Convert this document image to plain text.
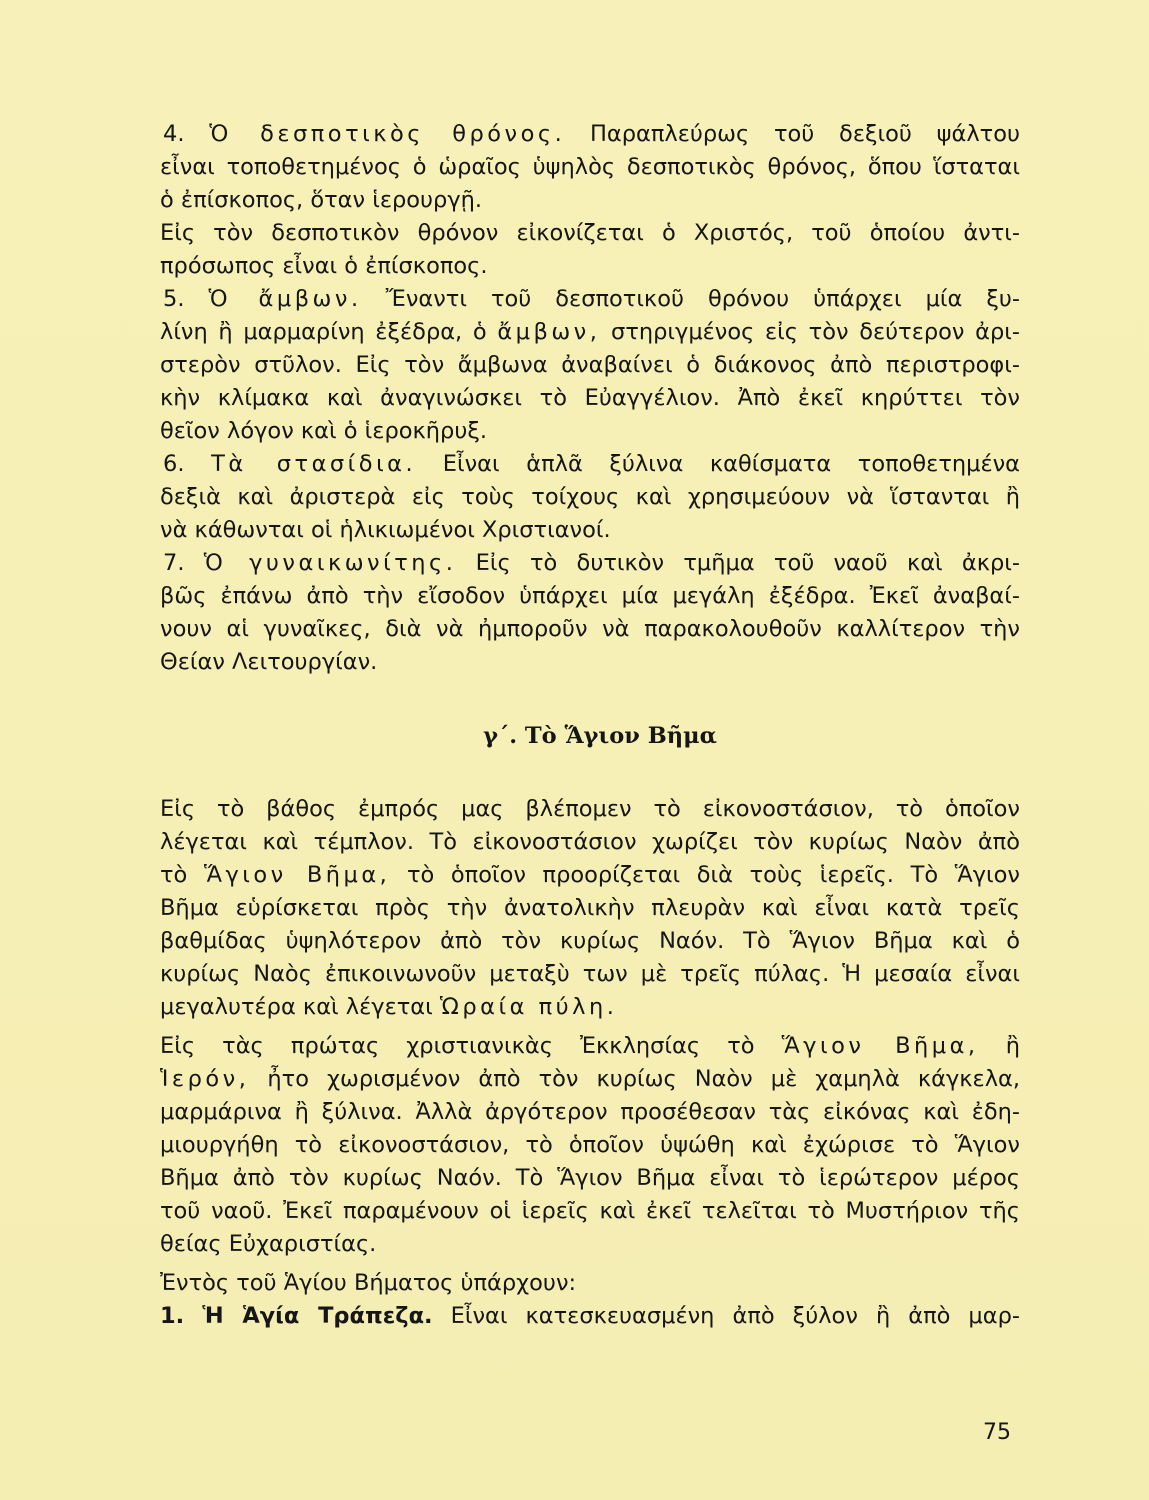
4. Ὁ δεσποτικὸς θρόνος. Παραπλεύρως τοῦ δεξιοῦ ψάλτου
εἶναι τοποθετημένος ὁ ὡραῖος ὑψηλὸς δεσποτικὸς θρόνος, ὅπου ἵσταται
ὁ ἐπίσκοπος, ὅταν ἱερουργῇ.
Εἰς τὸν δεσποτικὸν θρόνον εἰκονίζεται ὁ Χριστός, τοῦ ὁποίου ἀντι-
πρόσωπος εἶναι ὁ ἐπίσκοπος.
5. Ὁ ἄμβων. Ἔναντι τοῦ δεσποτικοῦ θρόνου ὑπάρχει μία ξυ-
λίνη ἢ μαρμαρίνη ἐξέδρα, ὁ ἄμβων, στηριγμένος εἰς τὸν δεύτερον ἀρι-
στερὸν στῦλον. Εἰς τὸν ἄμβωνα ἀναβαίνει ὁ διάκονος ἀπὸ περιστροφι-
κὴν κλίμακα καὶ ἀναγινώσκει τὸ Εὐαγγέλιον. Ἀπὸ ἐκεῖ κηρύττει τὸν
θεῖον λόγον καὶ ὁ ἱεροκῆρυξ.
6. Τὰ στασίδια. Εἶναι ἁπλᾶ ξύλινα καθίσματα τοποθετημένα
δεξιὰ καὶ ἀριστερὰ εἰς τοὺς τοίχους καὶ χρησιμεύουν νὰ ἵστανται ἢ
νὰ κάθωνται οἱ ἡλικιωμένοι Χριστιανοί.
7. Ὁ γυναικωνίτης. Εἰς τὸ δυτικὸν τμῆμα τοῦ ναοῦ καὶ ἀκρι-
βῶς ἐπάνω ἀπὸ τὴν εἴσοδον ὑπάρχει μία μεγάλη ἐξέδρα. Ἐκεῖ ἀναβαί-
νουν αἱ γυναῖκες, διὰ νὰ ἠμποροῦν νὰ παρακολουθοῦν καλλίτερον τὴν
Θείαν Λειτουργίαν.
γ΄. Τὸ Ἅγιον Βῆμα
Εἰς τὸ βάθος ἐμπρός μας βλέπομεν τὸ εἰκονοστάσιον, τὸ ὁποῖον
λέγεται καὶ τέμπλον. Τὸ εἰκονοστάσιον χωρίζει τὸν κυρίως Ναὸν ἀπὸ
τὸ Ἅγιον Βῆμα, τὸ ὁποῖον προορίζεται διὰ τοὺς ἱερεῖς. Τὸ Ἅγιον
Βῆμα εὑρίσκεται πρὸς τὴν ἀνατολικὴν πλευρὰν καὶ εἶναι κατὰ τρεῖς
βαθμίδας ὑψηλότερον ἀπὸ τὸν κυρίως Ναόν. Τὸ Ἅγιον Βῆμα καὶ ὁ
κυρίως Ναὸς ἐπικοινωνοῦν μεταξὺ των μὲ τρεῖς πύλας. Ἡ μεσαία εἶναι
μεγαλυτέρα καὶ λέγεται Ὡραία πύλη.
Εἰς τὰς πρώτας χριστιανικὰς Ἐκκλησίας τὸ Ἅγιον Βῆμα, ἢ
Ἱερόν, ἦτο χωρισμένον ἀπὸ τὸν κυρίως Ναὸν μὲ χαμηλὰ κάγκελα,
μαρμάρινα ἢ ξύλινα. Ἀλλὰ ἀργότερον προσέθεσαν τὰς εἰκόνας καὶ ἐδη-
μιουργήθη τὸ εἰκονοστάσιον, τὸ ὁποῖον ὑψώθη καὶ ἐχώρισε τὸ Ἅγιον
Βῆμα ἀπὸ τὸν κυρίως Ναόν. Τὸ Ἅγιον Βῆμα εἶναι τὸ ἱερώτερον μέρος
τοῦ ναοῦ. Ἐκεῖ παραμένουν οἱ ἱερεῖς καὶ ἐκεῖ τελεῖται τὸ Μυστήριον τῆς
θείας Εὐχαριστίας.
Ἐντὸς τοῦ Ἁγίου Βήματος ὑπάρχουν:
1. Ἡ Ἁγία Τράπεζα. Εἶναι κατεσκευασμένη ἀπὸ ξύλον ἢ ἀπὸ μαρ-
75
